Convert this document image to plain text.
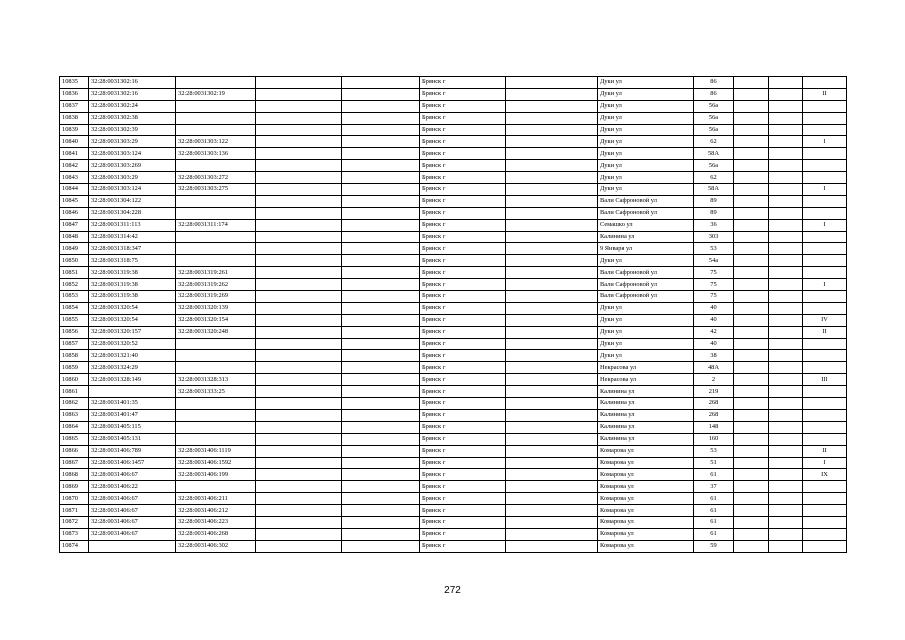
10835	32:28:0031302:16				Брянск г		Дуки ул	86			
10836	32:28:0031302:16	32:28:0031302:19			Брянск г		Дуки ул	86			II
10837	32:28:0031302:24				Брянск г		Дуки ул	56а			
10838	32:28:0031302:38				Брянск г		Дуки ул	56а			
10839	32:28:0031302:39				Брянск г		Дуки ул	56а			
10840	32:28:0031303:29	32:28:0031303:122			Брянск г		Дуки ул	62			I
10841	32:28:0031303:124	32:28:0031303:136			Брянск г		Дуки ул	58А			
10842	32:28:0031303:269				Брянск г		Дуки ул	56а			
10843	32:28:0031303:29	32:28:0031303:272			Брянск г		Дуки ул	62			
10844	32:28:0031303:124	32:28:0031303:275			Брянск г		Дуки ул	58А			I
10845	32:28:0031304:122				Брянск г		Вали Сафроновой ул	89			
10846	32:28:0031304:228				Брянск г		Вали Сафроновой ул	89			
10847	32:28:0031311:113	32:28:0031311:174			Брянск г		Семашко ул	36			I
10848	32:28:0031314:42				Брянск г		Калинина ул	303			
10849	32:28:0031318:347				Брянск г		9 Января ул	53			
10850	32:28:0031318:75				Брянск г		Дуки ул	54а			
10851	32:28:0031319:38	32:28:0031319:261			Брянск г		Вали Сафроновой ул	75			
10852	32:28:0031319:38	32:28:0031319:262			Брянск г		Вали Сафроновой ул	75			I
10853	32:28:0031319:38	32:28:0031319:269			Брянск г		Вали Сафроновой ул	75			
10854	32:28:0031320:54	32:28:0031320:139			Брянск г		Дуки ул	40			
10855	32:28:0031320:54	32:28:0031320:154			Брянск г		Дуки ул	40			IV
10856	32:28:0031320:157	32:28:0031320:248			Брянск г		Дуки ул	42			II
10857	32:28:0031320:52				Брянск г		Дуки ул	40			
10858	32:28:0031321:40				Брянск г		Дуки ул	38			
10859	32:28:0031324:29				Брянск г		Некрасова ул	48А			
10860	32:28:0031328:149	32:28:0031328:313			Брянск г		Некрасова ул	2			III
10861		32:28:0031333:25			Брянск г		Калинина ул	219			
10862	32:28:0031401:35				Брянск г		Калинина ул	268			
10863	32:28:0031401:47				Брянск г		Калинина ул	268			
10864	32:28:0031405:115				Брянск г		Калинина ул	148			
10865	32:28:0031405:131				Брянск г		Калинина ул	160			
10866	32:28:0031406:789	32:28:0031406:1119			Брянск г		Комарова ул	53			II
10867	32:28:0031406:1457	32:28:0031406:1592			Брянск г		Комарова ул	51			I
10868	32:28:0031406:67	32:28:0031406:199			Брянск г		Комарова ул	61			IX
10869	32:28:0031406:22				Брянск г		Комарова ул	37			
10870	32:28:0031406:67	32:28:0031406:211			Брянск г		Комарова ул	61			
10871	32:28:0031406:67	32:28:0031406:212			Брянск г		Комарова ул	61			
10872	32:28:0031406:67	32:28:0031406:223			Брянск г		Комарова ул	61			
10873	32:28:0031406:67	32:28:0031406:268			Брянск г		Комарова ул	61			
10874		32:28:0031406:302			Брянск г		Комарова ул	59			
272
